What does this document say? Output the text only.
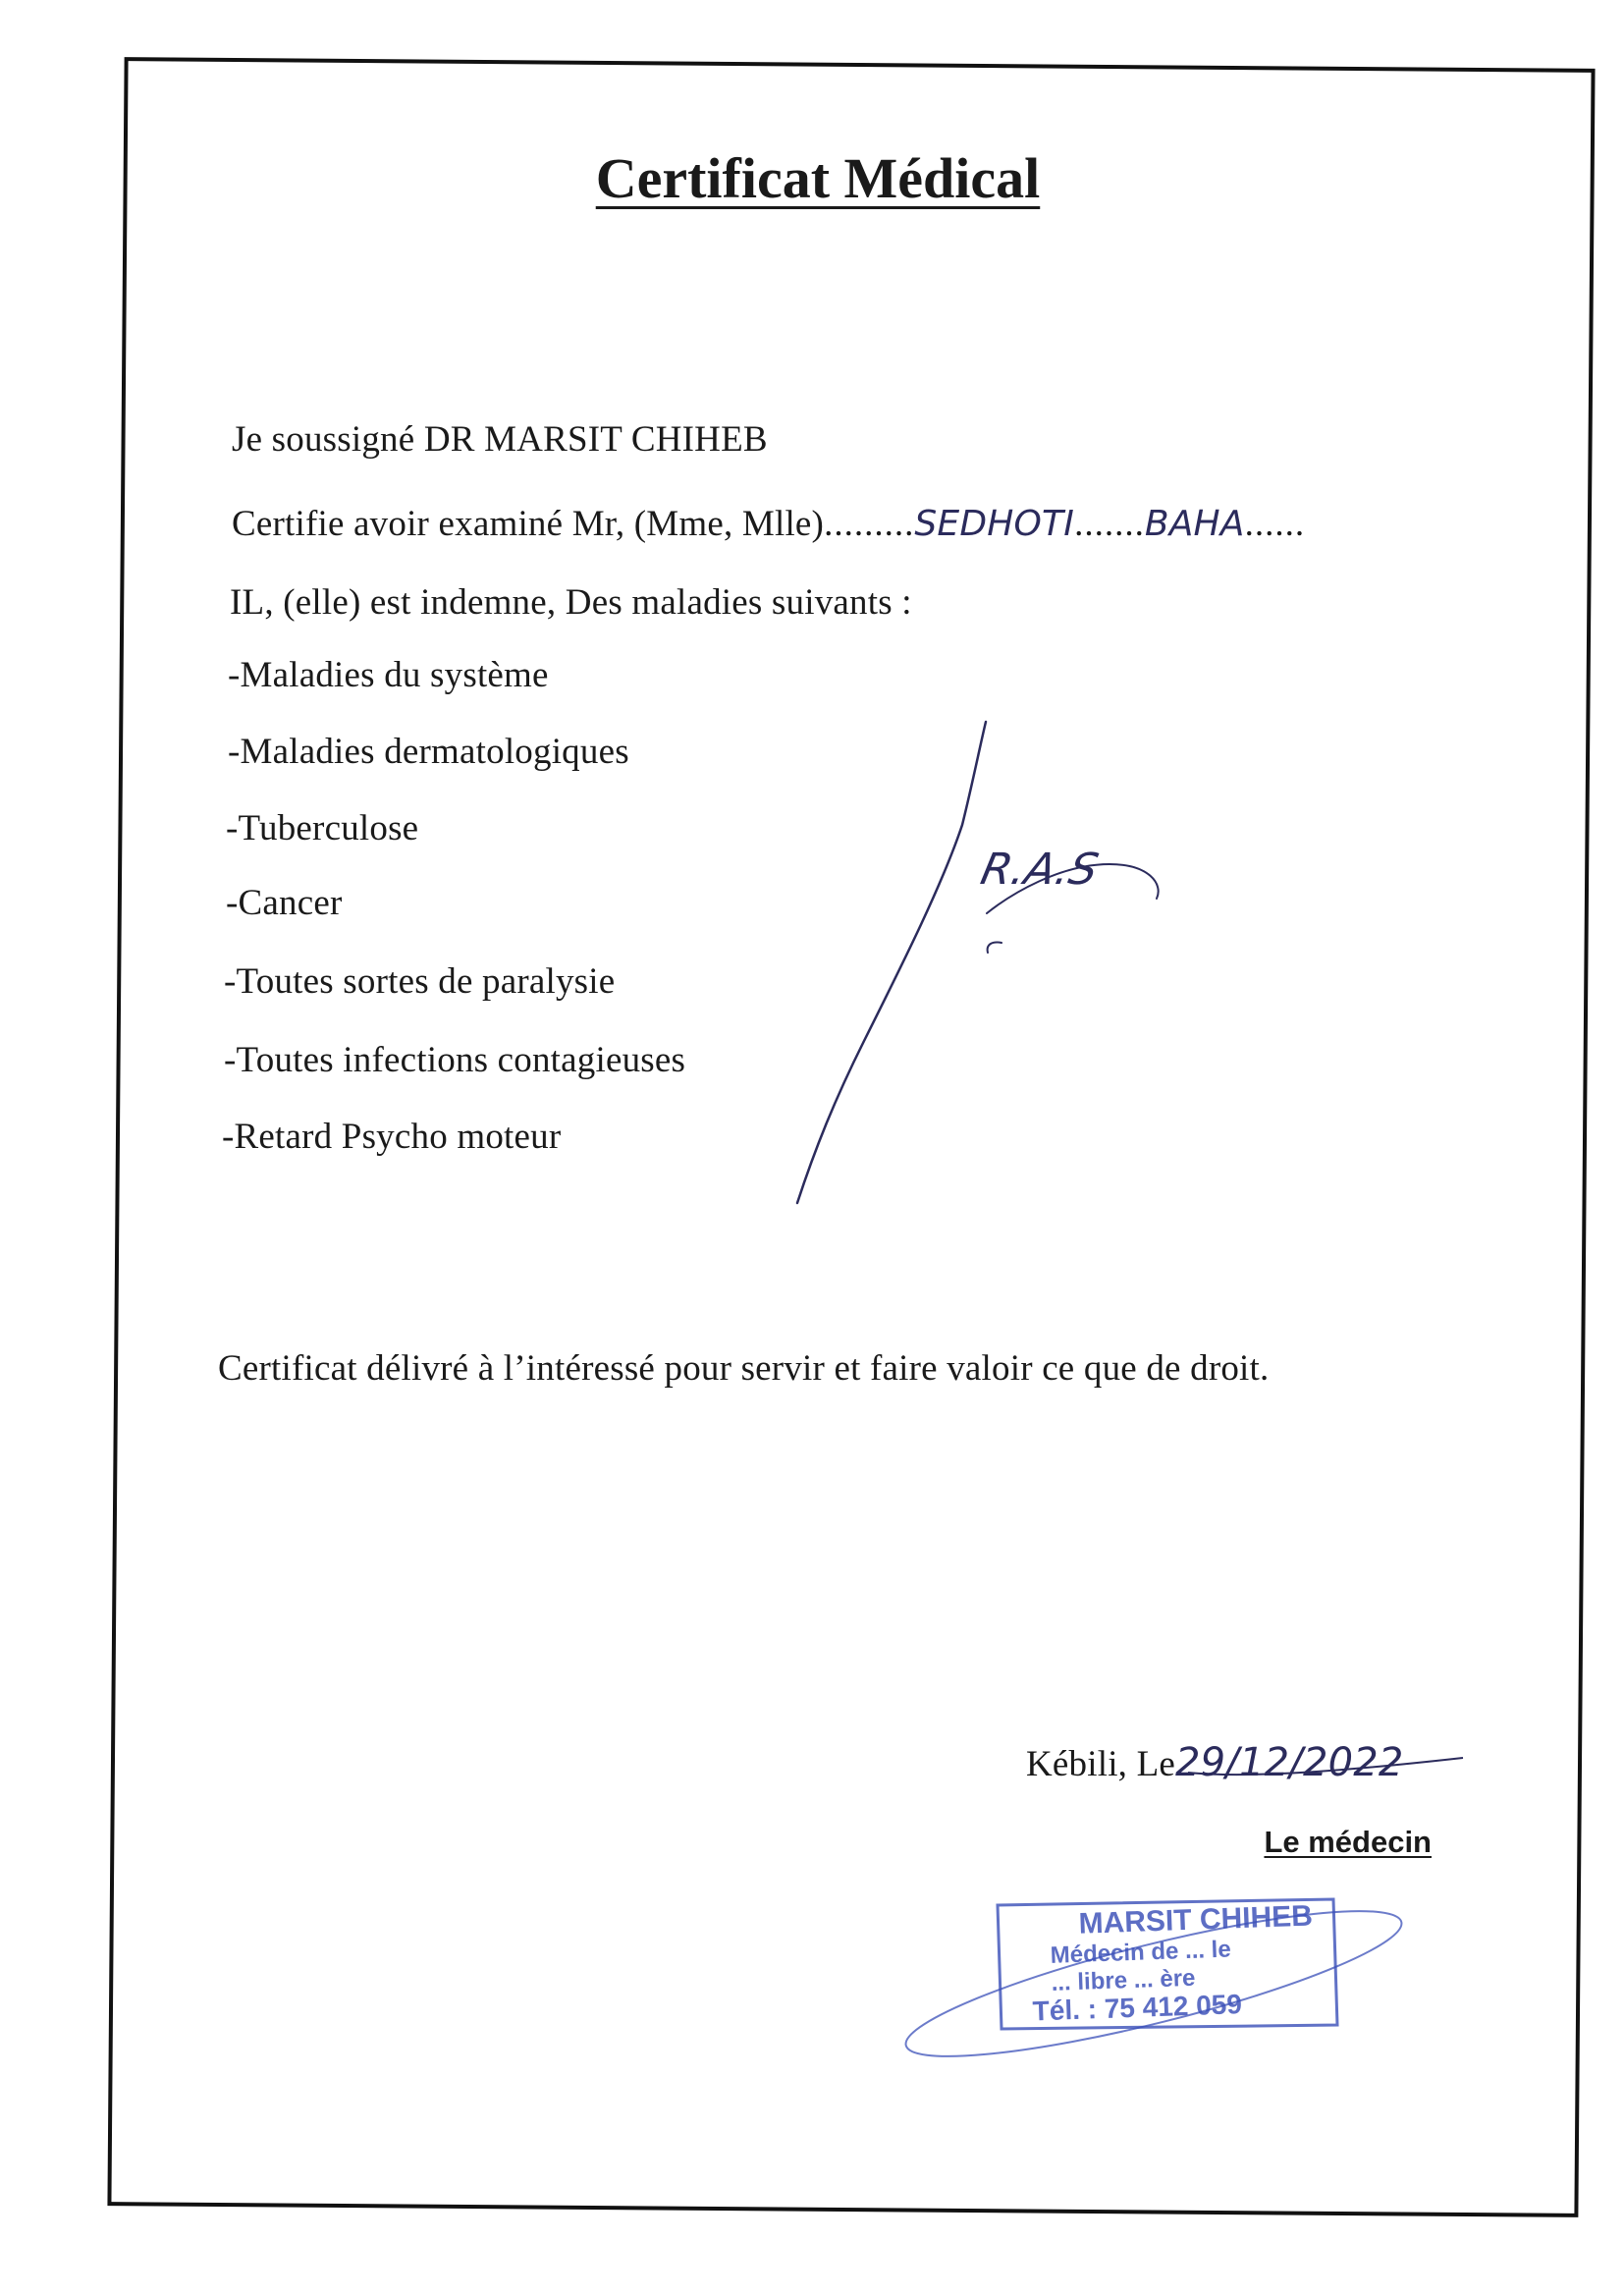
Certificat Médical
Je soussigné DR MARSIT CHIHEB
Certifie avoir examiné Mr, (Mme, Mlle).........SEDHOTI.......BAHA......
IL, (elle) est indemne, Des maladies suivants :
-Maladies du système
-Maladies dermatologiques
-Tuberculose
-Cancer
-Toutes sortes de paralysie
-Toutes infections contagieuses
-Retard Psycho moteur
R.A.S
Certificat délivré à l’intéressé pour servir et faire valoir ce que de droit.
Kébili, Le29/12/2022
Le médecin
MARSIT CHIHEB
Médecin de ... le
... libre ... ère
Tél. : 75 412 059
